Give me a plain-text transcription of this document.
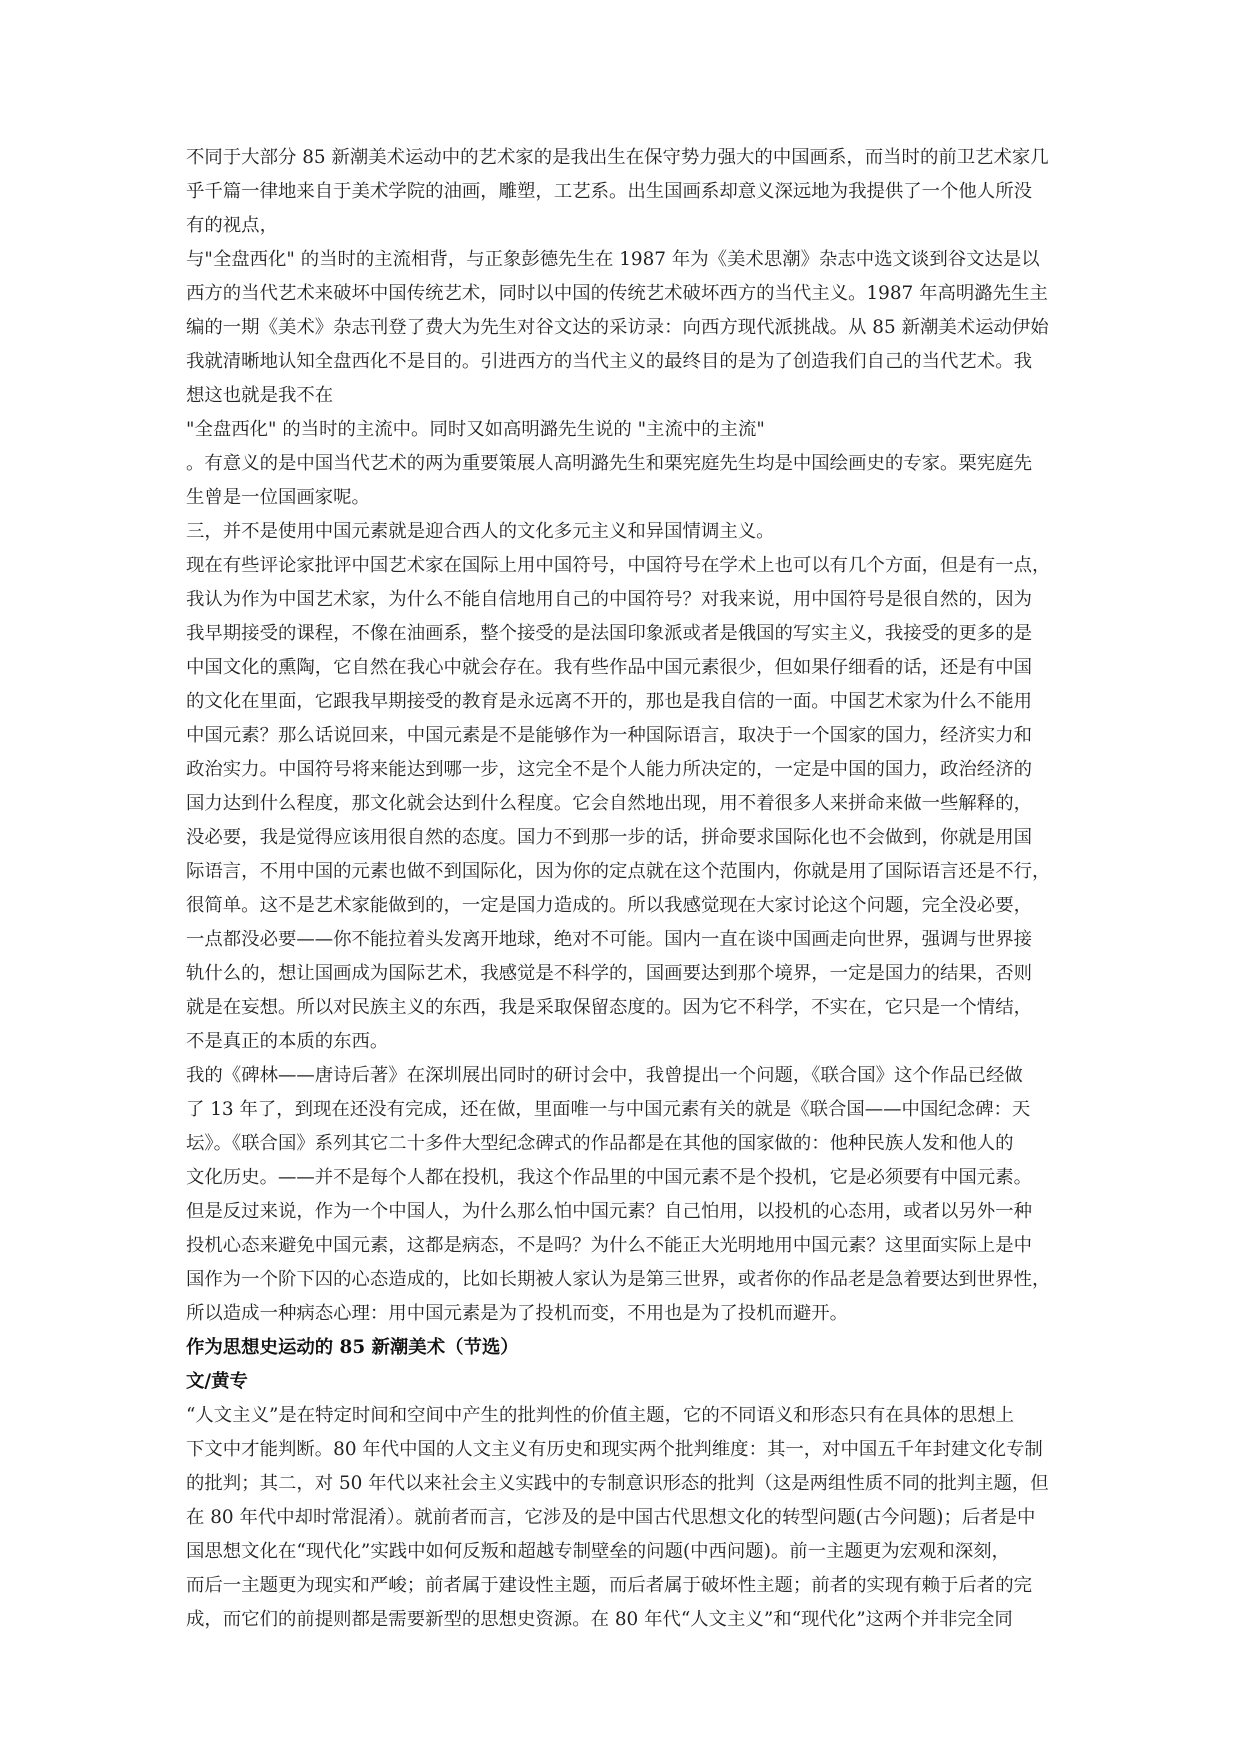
不同于大部分 85 新潮美术运动中的艺术家的是我出生在保守势力强大的中国画系，而当时的前卫艺术家几
乎千篇一律地来自于美术学院的油画，雕塑，工艺系。出生国画系却意义深远地为我提供了一个他人所没
有的视点，
与"全盘西化" 的当时的主流相背，与正象彭德先生在 1987 年为《美术思潮》杂志中选文谈到谷文达是以
西方的当代艺术来破坏中国传统艺术，同时以中国的传统艺术破坏西方的当代主义。1987 年高明潞先生主
编的一期《美术》杂志刊登了费大为先生对谷文达的采访录：向西方现代派挑战。从 85 新潮美术运动伊始
我就清晰地认知全盘西化不是目的。引进西方的当代主义的最终目的是为了创造我们自己的当代艺术。我
想这也就是我不在
"全盘西化" 的当时的主流中。同时又如高明潞先生说的 "主流中的主流"
。有意义的是中国当代艺术的两为重要策展人高明潞先生和栗宪庭先生均是中国绘画史的专家。栗宪庭先
生曾是一位国画家呢。
三，并不是使用中国元素就是迎合西人的文化多元主义和异国情调主义。
现在有些评论家批评中国艺术家在国际上用中国符号，中国符号在学术上也可以有几个方面，但是有一点，
我认为作为中国艺术家，为什么不能自信地用自己的中国符号？对我来说，用中国符号是很自然的，因为
我早期接受的课程，不像在油画系，整个接受的是法国印象派或者是俄国的写实主义，我接受的更多的是
中国文化的熏陶，它自然在我心中就会存在。我有些作品中国元素很少，但如果仔细看的话，还是有中国
的文化在里面，它跟我早期接受的教育是永远离不开的，那也是我自信的一面。中国艺术家为什么不能用
中国元素？那么话说回来，中国元素是不是能够作为一种国际语言，取决于一个国家的国力，经济实力和
政治实力。中国符号将来能达到哪一步，这完全不是个人能力所决定的，一定是中国的国力，政治经济的
国力达到什么程度，那文化就会达到什么程度。它会自然地出现，用不着很多人来拼命来做一些解释的，
没必要，我是觉得应该用很自然的态度。国力不到那一步的话，拼命要求国际化也不会做到，你就是用国
际语言，不用中国的元素也做不到国际化，因为你的定点就在这个范围内，你就是用了国际语言还是不行，
很简单。这不是艺术家能做到的，一定是国力造成的。所以我感觉现在大家讨论这个问题，完全没必要，
一点都没必要——你不能拉着头发离开地球，绝对不可能。国内一直在谈中国画走向世界，强调与世界接
轨什么的，想让国画成为国际艺术，我感觉是不科学的，国画要达到那个境界，一定是国力的结果，否则
就是在妄想。所以对民族主义的东西，我是采取保留态度的。因为它不科学，不实在，它只是一个情结，
不是真正的本质的东西。
我的《碑林——唐诗后著》在深圳展出同时的研讨会中，我曾提出一个问题，《联合国》这个作品已经做
了 13 年了，到现在还没有完成，还在做，里面唯一与中国元素有关的就是《联合国——中国纪念碑：天
坛》。《联合国》系列其它二十多件大型纪念碑式的作品都是在其他的国家做的：他种民族人发和他人的
文化历史。——并不是每个人都在投机，我这个作品里的中国元素不是个投机，它是必须要有中国元素。
但是反过来说，作为一个中国人，为什么那么怕中国元素？自己怕用，以投机的心态用，或者以另外一种
投机心态来避免中国元素，这都是病态，不是吗？为什么不能正大光明地用中国元素？这里面实际上是中
国作为一个阶下囚的心态造成的，比如长期被人家认为是第三世界，或者你的作品老是急着要达到世界性，
所以造成一种病态心理：用中国元素是为了投机而变，不用也是为了投机而避开。
作为思想史运动的 85 新潮美术（节选）
文/黄专
“人文主义”是在特定时间和空间中产生的批判性的价值主题，它的不同语义和形态只有在具体的思想上
下文中才能判断。80 年代中国的人文主义有历史和现实两个批判维度：其一，对中国五千年封建文化专制
的批判；其二，对 50 年代以来社会主义实践中的专制意识形态的批判（这是两组性质不同的批判主题，但
在 80 年代中却时常混淆）。就前者而言，它涉及的是中国古代思想文化的转型问题(古今问题)；后者是中
国思想文化在“现代化”实践中如何反叛和超越专制壁垒的问题(中西问题)。前一主题更为宏观和深刻，
而后一主题更为现实和严峻；前者属于建设性主题，而后者属于破坏性主题；前者的实现有赖于后者的完
成，而它们的前提则都是需要新型的思想史资源。在 80 年代“人文主义”和“现代化”这两个并非完全同
